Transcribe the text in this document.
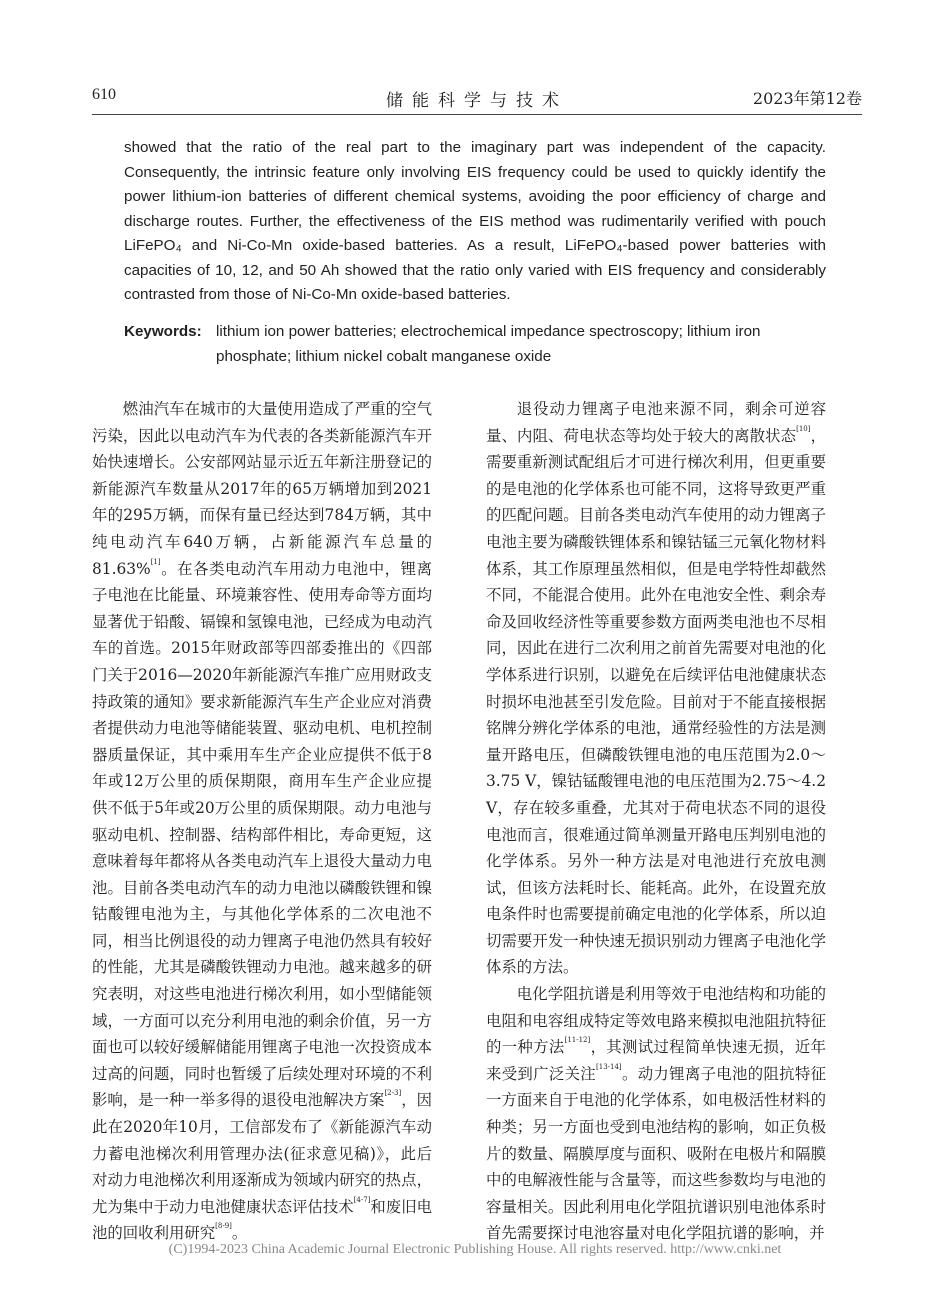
610	储能科学与技术	2023年第12卷

showed that the ratio of the real part to the imaginary part was independent of the capacity. Consequently, the intrinsic feature only involving EIS frequency could be used to quickly identify the power lithium-ion batteries of different chemical systems, avoiding the poor efficiency of charge and discharge routes. Further, the effectiveness of the EIS method was rudimentarily verified with pouch LiFePO₄ and Ni-Co-Mn oxide-based batteries. As a result, LiFePO₄-based power batteries with capacities of 10, 12, and 50 Ah showed that the ratio only varied with EIS frequency and considerably contrasted from those of Ni-Co-Mn oxide-based batteries.

Keywords: lithium ion power batteries; electrochemical impedance spectroscopy; lithium iron phosphate; lithium nickel cobalt manganese oxide

燃油汽车在城市的大量使用造成了严重的空气污染，因此以电动汽车为代表的各类新能源汽车开始快速增长。公安部网站显示近五年新注册登记的新能源汽车数量从2017年的65万辆增加到2021年的295万辆，而保有量已经达到784万辆，其中纯电动汽车640万辆，占新能源汽车总量的81.63%[1]。在各类电动汽车用动力电池中，锂离子电池在比能量、环境兼容性、使用寿命等方面均显著优于铅酸、镉镍和氢镍电池，已经成为电动汽车的首选。2015年财政部等四部委推出的《四部门关于2016—2020年新能源汽车推广应用财政支持政策的通知》要求新能源汽车生产企业应对消费者提供动力电池等储能装置、驱动电机、电机控制器质量保证，其中乘用车生产企业应提供不低于8年或12万公里的质保期限，商用车生产企业应提供不低于5年或20万公里的质保期限。动力电池与驱动电机、控制器、结构部件相比，寿命更短，这意味着每年都将从各类电动汽车上退役大量动力电池。目前各类电动汽车的动力电池以磷酸铁锂和镍钴酸锂电池为主，与其他化学体系的二次电池不同，相当比例退役的动力锂离子电池仍然具有较好的性能，尤其是磷酸铁锂动力电池。越来越多的研究表明，对这些电池进行梯次利用，如小型储能领域，一方面可以充分利用电池的剩余价值，另一方面也可以较好缓解储能用锂离子电池一次投资成本过高的问题，同时也暂缓了后续处理对环境的不利影响，是一种一举多得的退役电池解决方案[2-3]，因此在2020年10月，工信部发布了《新能源汽车动力蓄电池梯次利用管理办法(征求意见稿)》，此后对动力电池梯次利用逐渐成为领域内研究的热点，尤为集中于动力电池健康状态评估技术[4-7]和废旧电池的回收利用研究[8-9]。

退役动力锂离子电池来源不同，剩余可逆容量、内阻、荷电状态等均处于较大的离散状态[10]，需要重新测试配组后才可进行梯次利用，但更重要的是电池的化学体系也可能不同，这将导致更严重的匹配问题。目前各类电动汽车使用的动力锂离子电池主要为磷酸铁锂体系和镍钴锰三元氧化物材料体系，其工作原理虽然相似，但是电学特性却截然不同，不能混合使用。此外在电池安全性、剩余寿命及回收经济性等重要参数方面两类电池也不尽相同，因此在进行二次利用之前首先需要对电池的化学体系进行识别，以避免在后续评估电池健康状态时损坏电池甚至引发危险。目前对于不能直接根据铭牌分辨化学体系的电池，通常经验性的方法是测量开路电压，但磷酸铁锂电池的电压范围为2.0～3.75 V，镍钴锰酸锂电池的电压范围为2.75～4.2 V，存在较多重叠，尤其对于荷电状态不同的退役电池而言，很难通过简单测量开路电压判别电池的化学体系。另外一种方法是对电池进行充放电测试，但该方法耗时长、能耗高。此外，在设置充放电条件时也需要提前确定电池的化学体系，所以迫切需要开发一种快速无损识别动力锂离子电池化学体系的方法。

电化学阻抗谱是利用等效于电池结构和功能的电阻和电容组成特定等效电路来模拟电池阻抗特征的一种方法[11-12]，其测试过程简单快速无损，近年来受到广泛关注[13-14]。动力锂离子电池的阻抗特征一方面来自于电池的化学体系，如电极活性材料的种类；另一方面也受到电池结构的影响，如正负极片的数量、隔膜厚度与面积、吸附在电极片和隔膜中的电解液性能与含量等，而这些参数均与电池的容量相关。因此利用电化学阻抗谱识别电池体系时首先需要探讨电池容量对电化学阻抗谱的影响，并

(C)1994-2023 China Academic Journal Electronic Publishing House. All rights reserved. http://www.cnki.net
